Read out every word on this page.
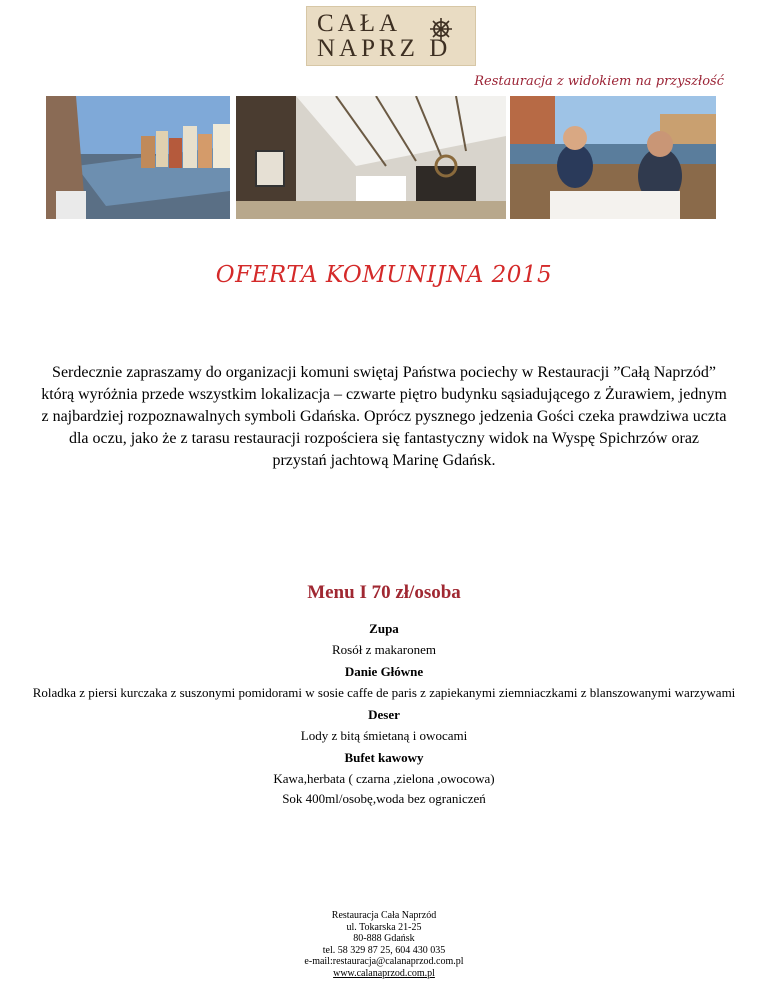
CAŁA
NAPRZ D
Restauracja z widokiem na przyszłość
OFERTA KOMUNIJNA 2015
Serdecznie zapraszamy do organizacji komuni swiętaj Państwa pociechy w Restauracji ”Całą Naprzód” którą wyróżnia przede wszystkim lokalizacja – czwarte piętro budynku sąsiadującego z Żurawiem, jednym z najbardziej rozpoznawalnych symboli Gdańska. Oprócz pysznego jedzenia Gości czeka prawdziwa uczta dla oczu, jako że z tarasu restauracji rozpościera się fantastyczny widok na Wyspę Spichrzów oraz przystań jachtową Marinę Gdańsk.
Menu I 70 zł/osoba
Zupa
Rosół z makaronem
Danie Główne
Roladka z piersi kurczaka z suszonymi pomidorami w sosie caffe de paris z zapiekanymi ziemniaczkami z blanszowanymi warzywami
Deser
Lody z bitą śmietaną i owocami
Bufet kawowy
Kawa,herbata ( czarna ,zielona ,owocowa)
Sok 400ml/osobę,woda bez ograniczeń
Restauracja Cała Naprzód
ul. Tokarska 21-25
80-888 Gdańsk
tel. 58 329 87 25, 604 430 035
e-mail:restauracja@calanaprzod.com.pl
www.calanaprzod.com.pl
